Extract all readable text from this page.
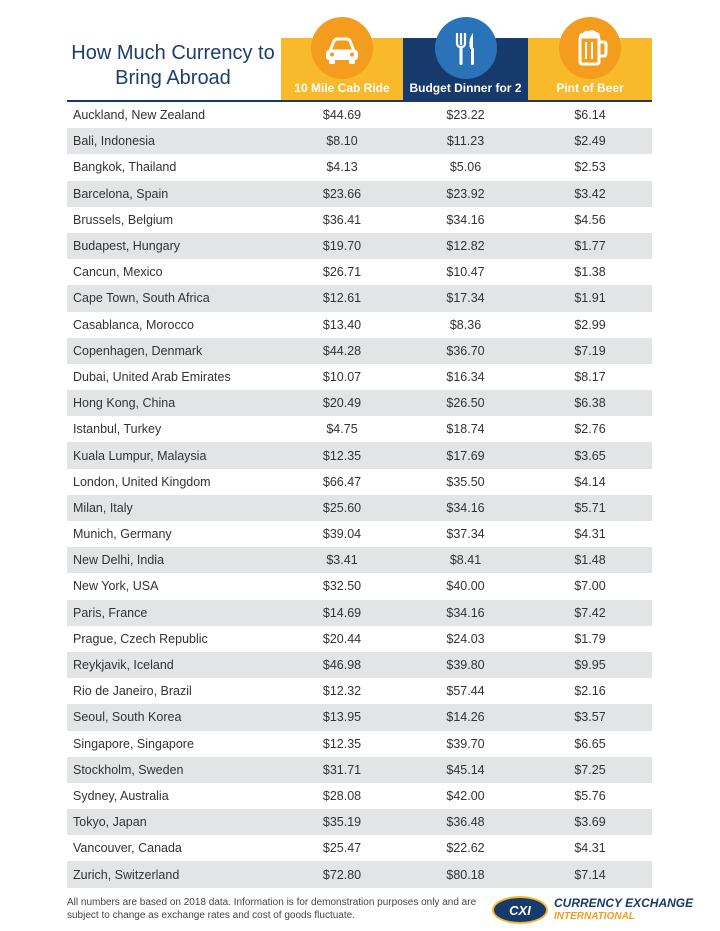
How Much Currency to
Bring Abroad	10 Mile Cab Ride	Budget Dinner for 2	Pint of Beer
Auckland, New Zealand	$44.69	$23.22	$6.14
Bali, Indonesia	$8.10	$11.23	$2.49
Bangkok, Thailand	$4.13	$5.06	$2.53
Barcelona, Spain	$23.66	$23.92	$3.42
Brussels, Belgium	$36.41	$34.16	$4.56
Budapest, Hungary	$19.70	$12.82	$1.77
Cancun, Mexico	$26.71	$10.47	$1.38
Cape Town, South Africa	$12.61	$17.34	$1.91
Casablanca, Morocco	$13.40	$8.36	$2.99
Copenhagen, Denmark	$44.28	$36.70	$7.19
Dubai, United Arab Emirates	$10.07	$16.34	$8.17
Hong Kong, China	$20.49	$26.50	$6.38
Istanbul, Turkey	$4.75	$18.74	$2.76
Kuala Lumpur, Malaysia	$12.35	$17.69	$3.65
London, United Kingdom	$66.47	$35.50	$4.14
Milan, Italy	$25.60	$34.16	$5.71
Munich, Germany	$39.04	$37.34	$4.31
New Delhi, India	$3.41	$8.41	$1.48
New York, USA	$32.50	$40.00	$7.00
Paris, France	$14.69	$34.16	$7.42
Prague, Czech Republic	$20.44	$24.03	$1.79
Reykjavik, Iceland	$46.98	$39.80	$9.95
Rio de Janeiro, Brazil	$12.32	$57.44	$2.16
Seoul, South Korea	$13.95	$14.26	$3.57
Singapore, Singapore	$12.35	$39.70	$6.65
Stockholm, Sweden	$31.71	$45.14	$7.25
Sydney, Australia	$28.08	$42.00	$5.76
Tokyo, Japan	$35.19	$36.48	$3.69
Vancouver, Canada	$25.47	$22.62	$4.31
Zurich, Switzerland	$72.80	$80.18	$7.14
All numbers are based on 2018 data. Information is for demonstration purposes only and are
subject to change as exchange rates and cost of goods fluctuate.	CXI	CURRENCY EXCHANGE
INTERNATIONAL
